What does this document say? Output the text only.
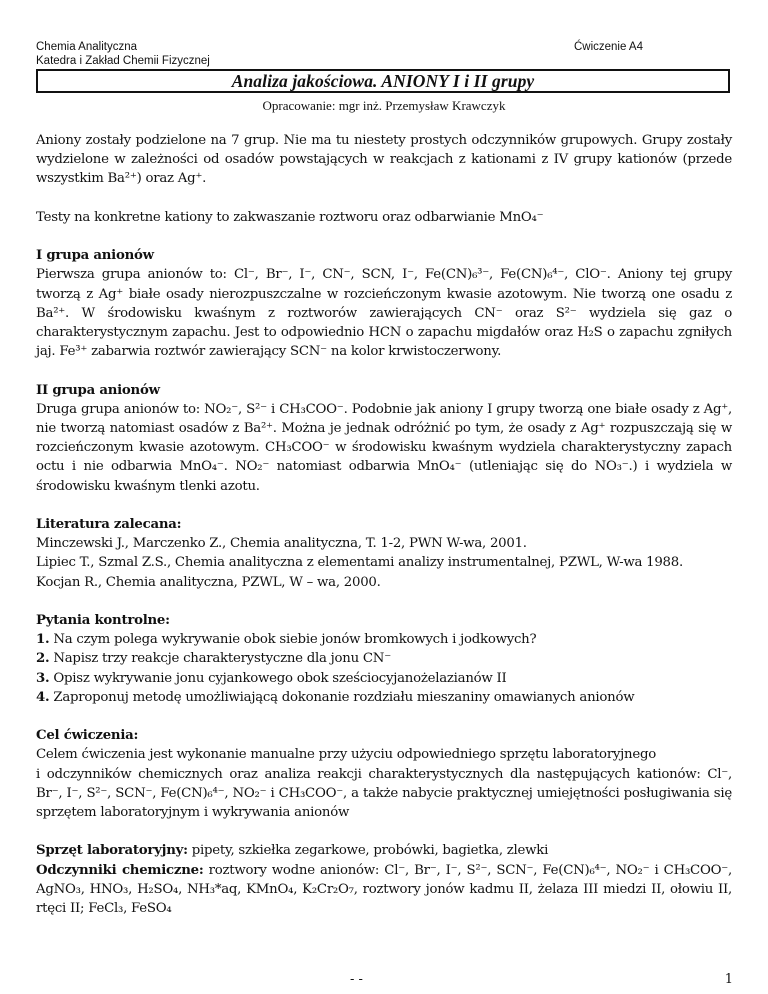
Chemia Analityczna
Katedra i Zakład Chemii Fizycznej
Ćwiczenie A4
Analiza jakościowa. ANIONY I i II grupy
Opracowanie: mgr inż. Przemysław Krawczyk

Aniony zostały podzielone na 7 grup. Nie ma tu niestety prostych odczynników grupowych. Grupy zostały wydzielone w zależności od osadów powstających w reakcjach z kationami z IV grupy kationów (przede wszystkim Ba²⁺) oraz Ag⁺.

Testy na konkretne kationy to zakwaszanie roztworu oraz odbarwianie MnO₄⁻

I grupa anionów
Pierwsza grupa anionów to: Cl⁻, Br⁻, I⁻, CN⁻, SCN, I⁻, Fe(CN)₆³⁻, Fe(CN)₆⁴⁻, ClO⁻. Aniony tej grupy tworzą z Ag⁺ białe osady nierozpuszczalne w rozcieńczonym kwasie azotowym. Nie tworzą one osadu z Ba²⁺. W środowisku kwaśnym z roztworów zawierających CN⁻ oraz S²⁻ wydziela się gaz o charakterystycznym zapachu. Jest to odpowiednio HCN o zapachu migdałów oraz H₂S o zapachu zgniłych jaj. Fe³⁺ zabarwia roztwór zawierający SCN⁻ na kolor krwistoczerwony.

II grupa anionów
Druga grupa anionów to: NO₂⁻, S²⁻ i CH₃COO⁻. Podobnie jak aniony I grupy tworzą one białe osady z Ag⁺, nie tworzą natomiast osadów z Ba²⁺. Można je jednak odróżnić po tym, że osady z Ag⁺ rozpuszczają się w rozcieńczonym kwasie azotowym. CH₃COO⁻ w środowisku kwaśnym wydziela charakterystyczny zapach octu i nie odbarwia MnO₄⁻. NO₂⁻ natomiast odbarwia MnO₄⁻ (utleniając się do NO₃⁻.) i wydziela w środowisku kwaśnym tlenki azotu.

Literatura zalecana:
Minczewski J., Marczenko Z., Chemia analityczna, T. 1-2, PWN W-wa, 2001.
Lipiec T., Szmal Z.S., Chemia analityczna z elementami analizy instrumentalnej, PZWL, W-wa 1988.
Kocjan R., Chemia analityczna, PZWL, W – wa, 2000.

Pytania kontrolne:
1. Na czym polega wykrywanie obok siebie jonów bromkowych i jodkowych?
2. Napisz trzy reakcje charakterystyczne dla jonu CN⁻
3. Opisz wykrywanie jonu cyjankowego obok sześciocyjanożelazianów II
4. Zaproponuj metodę umożliwiającą dokonanie rozdziału mieszaniny omawianych anionów

Cel ćwiczenia:
Celem ćwiczenia jest wykonanie manualne przy użyciu odpowiedniego sprzętu laboratoryjnego
i odczynników chemicznych oraz analiza reakcji charakterystycznych dla następujących kationów: Cl⁻, Br⁻, I⁻, S²⁻, SCN⁻, Fe(CN)₆⁴⁻, NO₂⁻ i CH₃COO⁻, a także nabycie praktycznej umiejętności posługiwania się sprzętem laboratoryjnym i wykrywania anionów

Sprzęt laboratoryjny: pipety, szkiełka zegarkowe, probówki, bagietka, zlewki
Odczynniki chemiczne: roztwory wodne anionów: Cl⁻, Br⁻, I⁻, S²⁻, SCN⁻, Fe(CN)₆⁴⁻, NO₂⁻ i CH₃COO⁻, AgNO₃, HNO₃, H₂SO₄, NH₃*aq, KMnO₄, K₂Cr₂O₇, roztwory jonów kadmu II, żelaza III miedzi II, ołowiu II, rtęci II; FeCl₃, FeSO₄

- -	1
